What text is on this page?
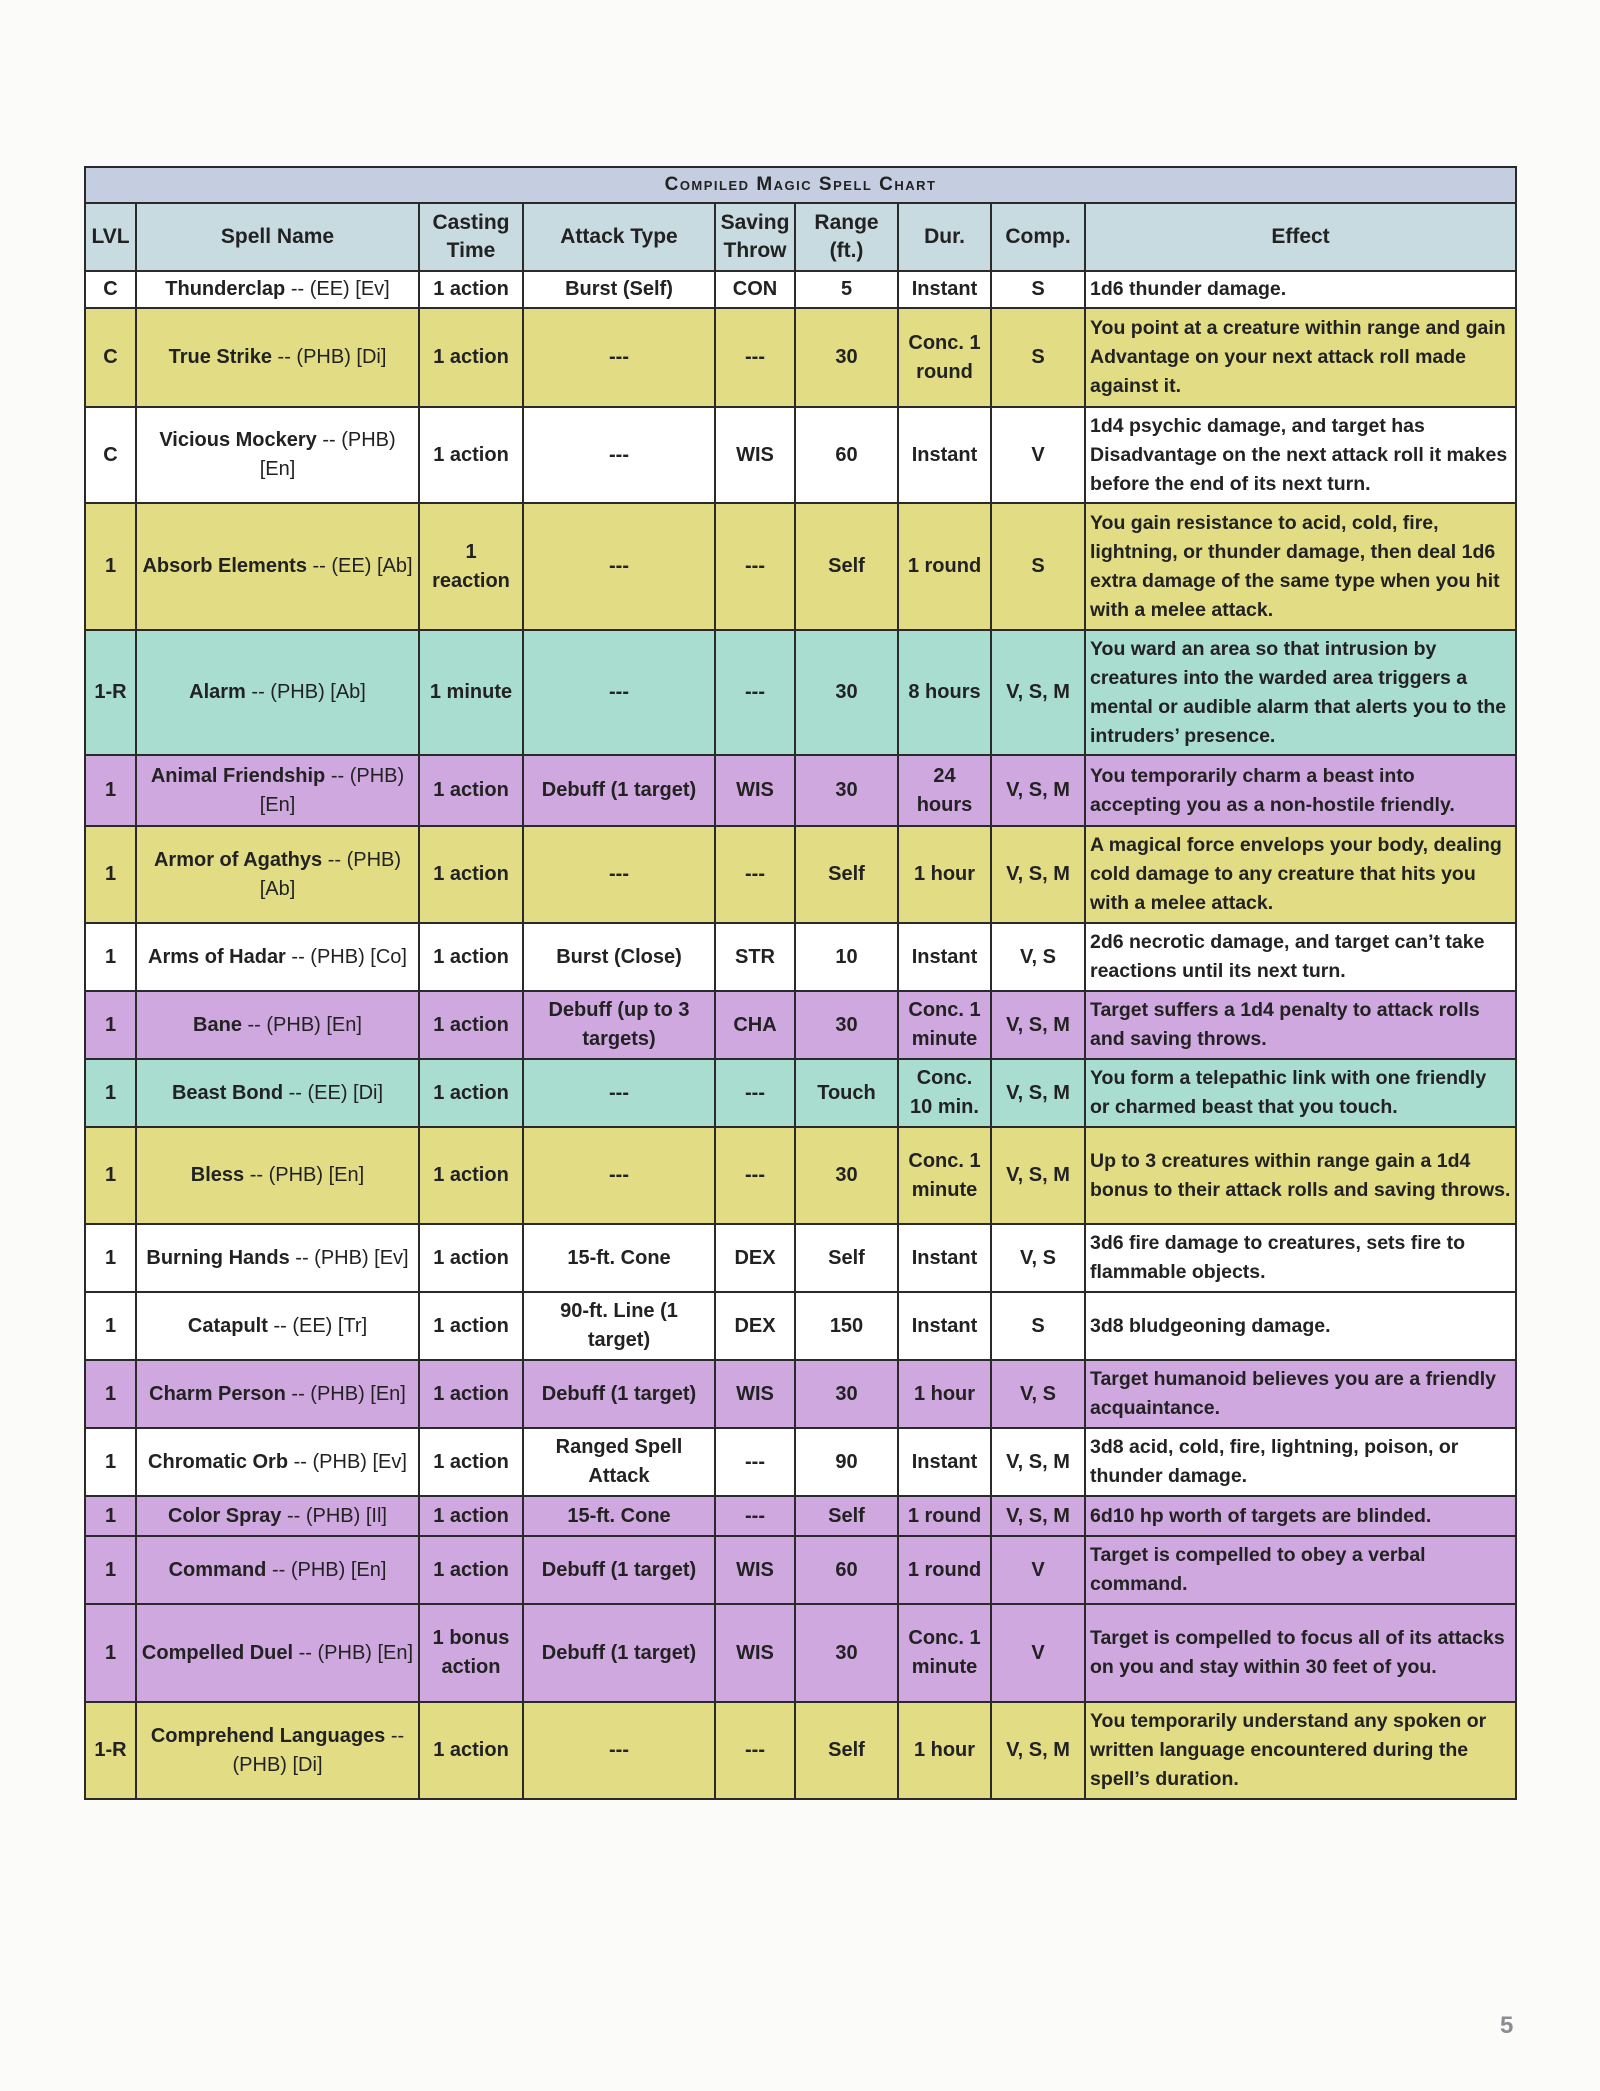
Compiled Magic Spell Chart								
LVL	Spell Name	Casting Time	Attack Type	Saving Throw	Range (ft.)	Dur.	Comp.	Effect
C	Thunderclap -- (EE) [Ev]	1 action	Burst (Self)	CON	5	Instant	S	1d6 thunder damage.
C	True Strike -- (PHB) [Di]	1 action	---	---	30	Conc. 1 round	S	You point at a creature within range and gain Advantage on your next attack roll made against it.
C	Vicious Mockery -- (PHB) [En]	1 action	---	WIS	60	Instant	V	1d4 psychic damage, and target has Disadvantage on the next attack roll it makes before the end of its next turn.
1	Absorb Elements -- (EE) [Ab]	1 reaction	---	---	Self	1 round	S	You gain resistance to acid, cold, fire, lightning, or thunder damage, then deal 1d6 extra damage of the same type when you hit with a melee attack.
1-R	Alarm -- (PHB) [Ab]	1 minute	---	---	30	8 hours	V, S, M	You ward an area so that intrusion by creatures into the warded area triggers a mental or audible alarm that alerts you to the intruders’ presence.
1	Animal Friendship -- (PHB) [En]	1 action	Debuff (1 target)	WIS	30	24 hours	V, S, M	You temporarily charm a beast into accepting you as a non-hostile friendly.
1	Armor of Agathys -- (PHB) [Ab]	1 action	---	---	Self	1 hour	V, S, M	A magical force envelops your body, dealing cold damage to any creature that hits you with a melee attack.
1	Arms of Hadar -- (PHB) [Co]	1 action	Burst (Close)	STR	10	Instant	V, S	2d6 necrotic damage, and target can’t take reactions until its next turn.
1	Bane -- (PHB) [En]	1 action	Debuff (up to 3 targets)	CHA	30	Conc. 1 minute	V, S, M	Target suffers a 1d4 penalty to attack rolls and saving throws.
1	Beast Bond -- (EE) [Di]	1 action	---	---	Touch	Conc. 10 min.	V, S, M	You form a telepathic link with one friendly or charmed beast that you touch.
1	Bless -- (PHB) [En]	1 action	---	---	30	Conc. 1 minute	V, S, M	Up to 3 creatures within range gain a 1d4 bonus to their attack rolls and saving throws.
1	Burning Hands -- (PHB) [Ev]	1 action	15-ft. Cone	DEX	Self	Instant	V, S	3d6 fire damage to creatures, sets fire to flammable objects.
1	Catapult -- (EE) [Tr]	1 action	90-ft. Line (1 target)	DEX	150	Instant	S	3d8 bludgeoning damage.
1	Charm Person -- (PHB) [En]	1 action	Debuff (1 target)	WIS	30	1 hour	V, S	Target humanoid believes you are a friendly acquaintance.
1	Chromatic Orb -- (PHB) [Ev]	1 action	Ranged Spell Attack	---	90	Instant	V, S, M	3d8 acid, cold, fire, lightning, poison, or thunder damage.
1	Color Spray -- (PHB) [Il]	1 action	15-ft. Cone	---	Self	1 round	V, S, M	6d10 hp worth of targets are blinded.
1	Command -- (PHB) [En]	1 action	Debuff (1 target)	WIS	60	1 round	V	Target is compelled to obey a verbal command.
1	Compelled Duel -- (PHB) [En]	1 bonus action	Debuff (1 target)	WIS	30	Conc. 1 minute	V	Target is compelled to focus all of its attacks on you and stay within 30 feet of you.
1-R	Comprehend Languages -- (PHB) [Di]	1 action	---	---	Self	1 hour	V, S, M	You temporarily understand any spoken or written language encountered during the spell’s duration.
5
